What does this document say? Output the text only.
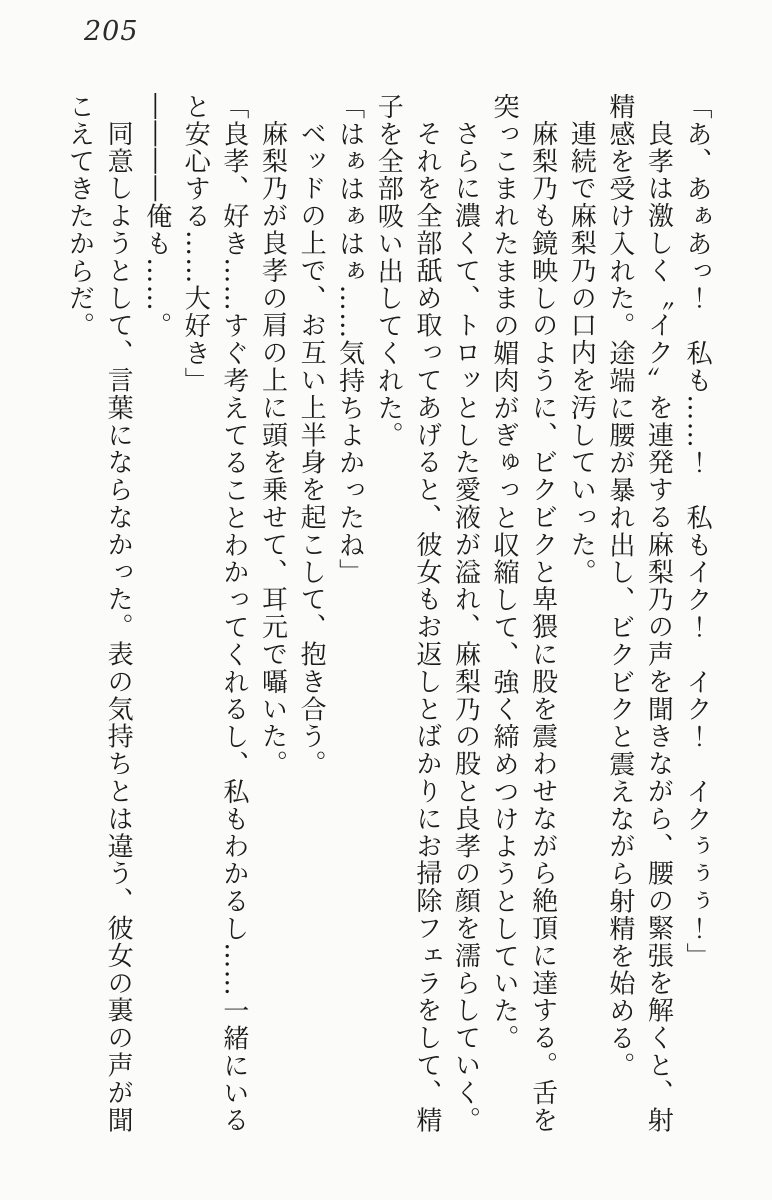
205

「あ、あぁあっ！　私も……！　私もイク！　イク！　イクぅぅぅ！」

良孝は激しく〝イク〟を連発する麻梨乃の声を聞きながら、腰の緊張を解くと、射

精感を受け入れた。途端に腰が暴れ出し、ビクビクと震えながら射精を始める。

連続で麻梨乃の口内を汚していった。

麻梨乃も鏡映しのように、ビクビクと卑猥に股を震わせながら絶頂に達する。舌を

突っこまれたままの媚肉がぎゅっと収縮して、強く締めつけようとしていた。

さらに濃くて、トロッとした愛液が溢れ、麻梨乃の股と良孝の顔を濡らしていく。

それを全部舐め取ってあげると、彼女もお返しとばかりにお掃除フェラをして、精

子を全部吸い出してくれた。

「はぁはぁはぁ……気持ちよかったね」

ベッドの上で、お互い上半身を起こして、抱き合う。

麻梨乃が良孝の肩の上に頭を乗せて、耳元で囁いた。

「良孝、好き……すぐ考えてることわかってくれるし、私もわかるし……一緒にいる

と安心する……大好き」

――――俺も……。

同意しようとして、言葉にならなかった。表の気持ちとは違う、彼女の裏の声が聞

こえてきたからだ。
